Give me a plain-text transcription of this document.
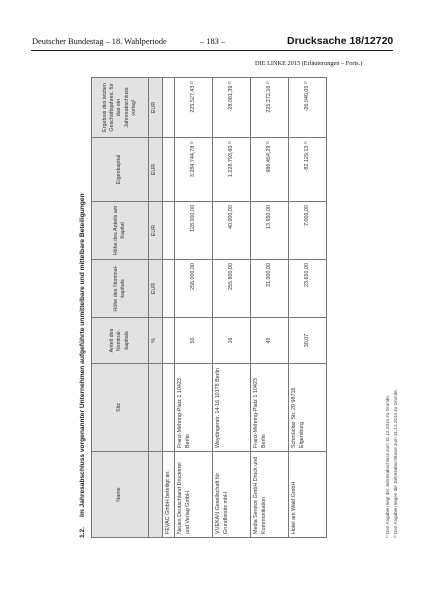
Deutscher Bundestag – 18. Wahlperiode	– 183 –	Drucksache 18/12720
DIE LINKE 2015 (Erläuterungen – Forts.)
1.2.Im Jahresabschluss vorgenannter Unternehmen aufgeführte unmittelbare und mittelbare Beteiligungen	Name	Sitz	Anteil des Nominal-kapitals	Höhe des Nominal-kapitals	Höhe des Anteils am Kapital	Eigenkapital	Ergebnis des letzten Geschäftsjahres, für das ein Jahresabschluss vorlag¹
		%	EUR	EUR	EUR	EUR
FEVAC GmbH beteiligt an:						
Neues Deutschland Druckerei und Verlag GmbH	Franz-Mehring-Platz 1 10423 Berlin	50	256.000,00	128.000,00	3.284.744,78 ²⁾	225.527,43 ²⁾
VUEKAN Gesellschaft für Grundbesitz mbH	Weydingerstr. 14-16 10178 Berlin	16	255.800,00	40.900,00	1.228.793,60 ²⁾	-28.081,39 ²⁾
Media Service GmbH Druck und Kommunikation	Franz-Mehring-Platz 1 10423 Berlin	45	31.000,00	13.950,00	986.454,29 ²⁾	225.272,16 ²⁾
Hotel am Wald GmbH	Schmücker Str. 20 98716 Elgersburg	30,07	23.650,00	7.000,00	-82.129,13 ²⁾	-26.040,05 ²⁾
¹⁾ Den Angaben liegt der Jahresabschluss zum 31.12.2015 zu Grunde. ²⁾ Den Angaben liegen die Jahresabschlüsse zum 31.12.2014 zu Grunde.
